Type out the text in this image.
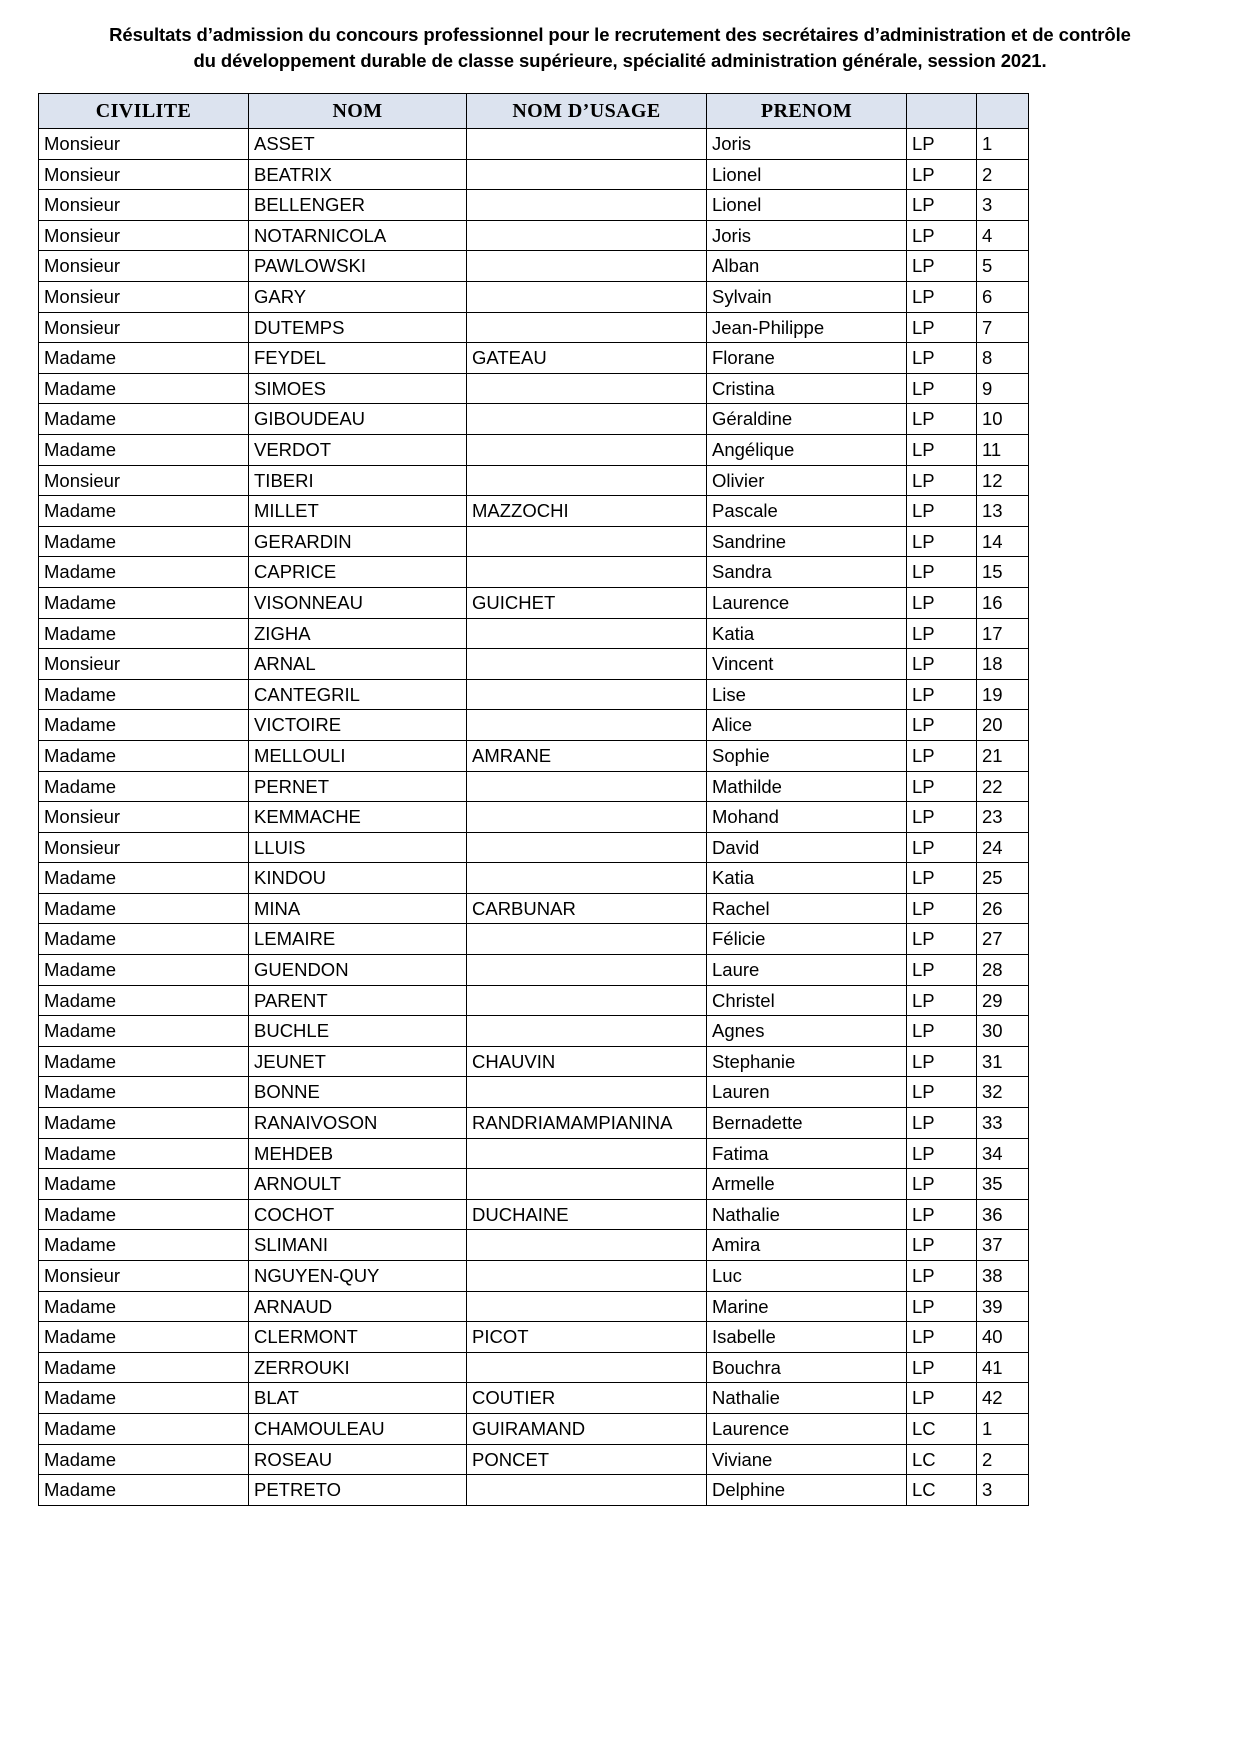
Résultats d’admission du concours professionnel pour le recrutement des secrétaires d’administration et de contrôle du développement durable de classe supérieure, spécialité administration générale, session 2021.
CIVILITE	NOM	NOM D’USAGE	PRENOM		
Monsieur	ASSET		Joris	LP	1
Monsieur	BEATRIX		Lionel	LP	2
Monsieur	BELLENGER		Lionel	LP	3
Monsieur	NOTARNICOLA		Joris	LP	4
Monsieur	PAWLOWSKI		Alban	LP	5
Monsieur	GARY		Sylvain	LP	6
Monsieur	DUTEMPS		Jean-Philippe	LP	7
Madame	FEYDEL	GATEAU	Florane	LP	8
Madame	SIMOES		Cristina	LP	9
Madame	GIBOUDEAU		Géraldine	LP	10
Madame	VERDOT		Angélique	LP	11
Monsieur	TIBERI		Olivier	LP	12
Madame	MILLET	MAZZOCHI	Pascale	LP	13
Madame	GERARDIN		Sandrine	LP	14
Madame	CAPRICE		Sandra	LP	15
Madame	VISONNEAU	GUICHET	Laurence	LP	16
Madame	ZIGHA		Katia	LP	17
Monsieur	ARNAL		Vincent	LP	18
Madame	CANTEGRIL		Lise	LP	19
Madame	VICTOIRE		Alice	LP	20
Madame	MELLOULI	AMRANE	Sophie	LP	21
Madame	PERNET		Mathilde	LP	22
Monsieur	KEMMACHE		Mohand	LP	23
Monsieur	LLUIS		David	LP	24
Madame	KINDOU		Katia	LP	25
Madame	MINA	CARBUNAR	Rachel	LP	26
Madame	LEMAIRE		Félicie	LP	27
Madame	GUENDON		Laure	LP	28
Madame	PARENT		Christel	LP	29
Madame	BUCHLE		Agnes	LP	30
Madame	JEUNET	CHAUVIN	Stephanie	LP	31
Madame	BONNE		Lauren	LP	32
Madame	RANAIVOSON	RANDRIAMAMPIANINA	Bernadette	LP	33
Madame	MEHDEB		Fatima	LP	34
Madame	ARNOULT		Armelle	LP	35
Madame	COCHOT	DUCHAINE	Nathalie	LP	36
Madame	SLIMANI		Amira	LP	37
Monsieur	NGUYEN-QUY		Luc	LP	38
Madame	ARNAUD		Marine	LP	39
Madame	CLERMONT	PICOT	Isabelle	LP	40
Madame	ZERROUKI		Bouchra	LP	41
Madame	BLAT	COUTIER	Nathalie	LP	42
Madame	CHAMOULEAU	GUIRAMAND	Laurence	LC	1
Madame	ROSEAU	PONCET	Viviane	LC	2
Madame	PETRETO		Delphine	LC	3
